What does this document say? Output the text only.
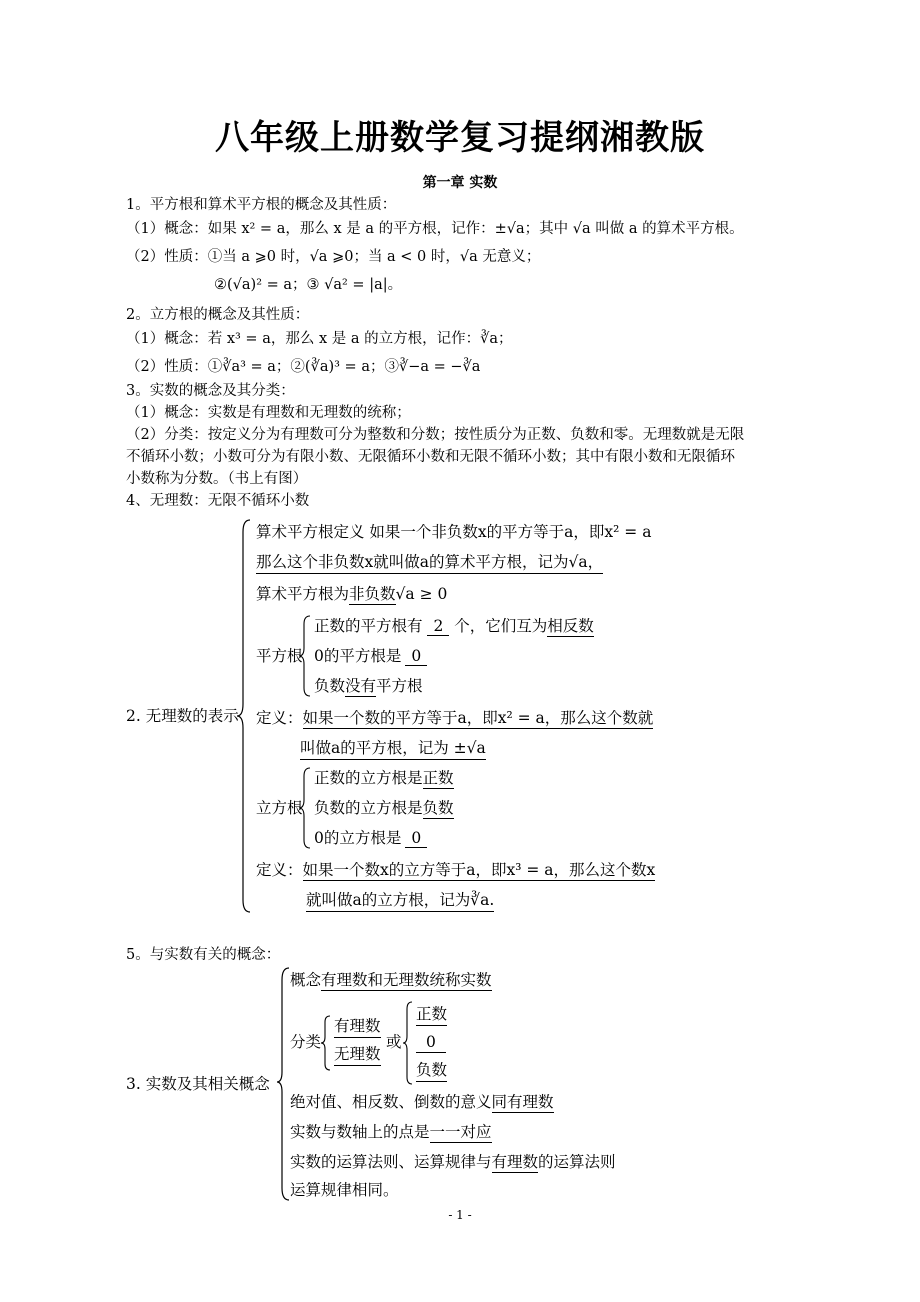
八年级上册数学复习提纲湘教版
第一章 实数
1。平方根和算术平方根的概念及其性质：
（1）概念：如果 x² = a，那么 x 是 a 的平方根，记作：±√a；其中 √a 叫做 a 的算术平方根。
（2）性质：①当 a ⩾0 时，√a ⩾0；当 a < 0 时，√a 无意义；
②(√a)² = a；③ √a² = |a|。
2。立方根的概念及其性质：
（1）概念：若 x³ = a，那么 x 是 a 的立方根，记作：∛a；
（2）性质：①∛a³ = a；②(∛a)³ = a；③∛−a = −∛a
3。实数的概念及其分类：
（1）概念：实数是有理数和无理数的统称；
（2）分类：按定义分为有理数可分为整数和分数；按性质分为正数、负数和零。无理数就是无限
不循环小数；小数可分为有限小数、无限循环小数和无限不循环小数；其中有限小数和无限循环
小数称为分数。（书上有图）
4、无理数：无限不循环小数
2. 无理数的表示
算术平方根定义 如果一个非负数x的平方等于a，即x² = a
那么这个非负数x就叫做a的算术平方根，记为√a，
算术平方根为非负数√a ≥ 0
平方根
正数的平方根有 2 个，它们互为相反数
0的平方根是 0
负数没有平方根
定义：如果一个数的平方等于a，即x² = a，那么这个数就
叫做a的平方根，记为 ±√a
立方根
正数的立方根是正数
负数的立方根是负数
0的立方根是 0
定义：如果一个数x的立方等于a，即x³ = a，那么这个数x
就叫做a的立方根，记为∛a.
5。与实数有关的概念：
3. 实数及其相关概念
概念有理数和无理数统称实数
分类
有理数
无理数
或
正数
0
负数
绝对值、相反数、倒数的意义同有理数
实数与数轴上的点是一一对应
实数的运算法则、运算规律与有理数的运算法则
运算规律相同。
- 1 -
